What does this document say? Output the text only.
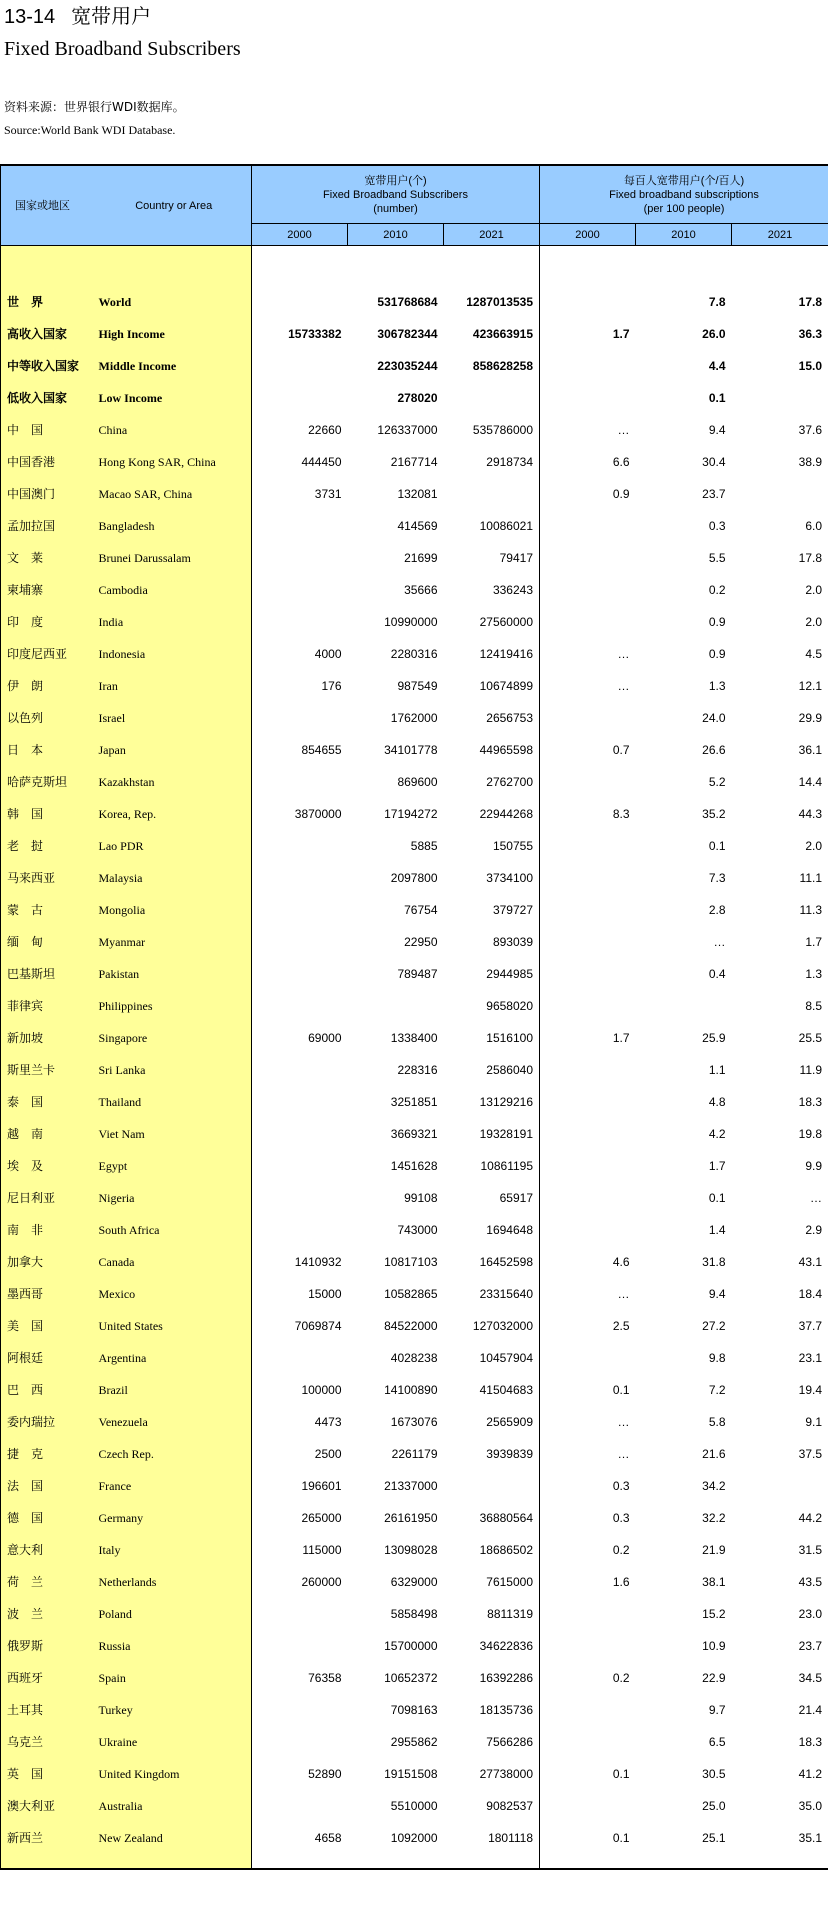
13-14 宽带用户
Fixed Broadband Subscribers
资料来源：世界银行WDI数据库。
Source:World Bank WDI Database.
国家或地区	Country or Area	宽带用户(个)
Fixed Broadband Subscribers
(number)			每百人宽带用户(个/百人)
Fixed broadband subscriptions
(per 100 people)		

		2000	2010	2021	2000	2010	2021

世　界	World		531768684	1287013535		7.8	17.8
高收入国家	High Income	15733382	306782344	423663915	1.7	26.0	36.3
中等收入国家	Middle Income		223035244	858628258		4.4	15.0
低收入国家	Low Income		278020			0.1	
中　国	China	22660	126337000	535786000	…	9.4	37.6
中国香港	Hong Kong SAR, China	444450	2167714	2918734	6.6	30.4	38.9
中国澳门	Macao SAR, China	3731	132081		0.9	23.7	
孟加拉国	Bangladesh		414569	10086021		0.3	6.0
文　莱	Brunei Darussalam		21699	79417		5.5	17.8
柬埔寨	Cambodia		35666	336243		0.2	2.0
印　度	India		10990000	27560000		0.9	2.0
印度尼西亚	Indonesia	4000	2280316	12419416	…	0.9	4.5
伊　朗	Iran	176	987549	10674899	…	1.3	12.1
以色列	Israel		1762000	2656753		24.0	29.9
日　本	Japan	854655	34101778	44965598	0.7	26.6	36.1
哈萨克斯坦	Kazakhstan		869600	2762700		5.2	14.4
韩　国	Korea, Rep.	3870000	17194272	22944268	8.3	35.2	44.3
老　挝	Lao PDR		5885	150755		0.1	2.0
马来西亚	Malaysia		2097800	3734100		7.3	11.1
蒙　古	Mongolia		76754	379727		2.8	11.3
缅　甸	Myanmar		22950	893039		…	1.7
巴基斯坦	Pakistan		789487	2944985		0.4	1.3
菲律宾	Philippines			9658020			8.5
新加坡	Singapore	69000	1338400	1516100	1.7	25.9	25.5
斯里兰卡	Sri Lanka		228316	2586040		1.1	11.9
泰　国	Thailand		3251851	13129216		4.8	18.3
越　南	Viet Nam		3669321	19328191		4.2	19.8
埃　及	Egypt		1451628	10861195		1.7	9.9
尼日利亚	Nigeria		99108	65917		0.1	…
南　非	South Africa		743000	1694648		1.4	2.9
加拿大	Canada	1410932	10817103	16452598	4.6	31.8	43.1
墨西哥	Mexico	15000	10582865	23315640	…	9.4	18.4
美　国	United States	7069874	84522000	127032000	2.5	27.2	37.7
阿根廷	Argentina		4028238	10457904		9.8	23.1
巴　西	Brazil	100000	14100890	41504683	0.1	7.2	19.4
委内瑞拉	Venezuela	4473	1673076	2565909	…	5.8	9.1
捷　克	Czech Rep.	2500	2261179	3939839	…	21.6	37.5
法　国	France	196601	21337000		0.3	34.2	
德　国	Germany	265000	26161950	36880564	0.3	32.2	44.2
意大利	Italy	115000	13098028	18686502	0.2	21.9	31.5
荷　兰	Netherlands	260000	6329000	7615000	1.6	38.1	43.5
波　兰	Poland		5858498	8811319		15.2	23.0
俄罗斯	Russia		15700000	34622836		10.9	23.7
西班牙	Spain	76358	10652372	16392286	0.2	22.9	34.5
土耳其	Turkey		7098163	18135736		9.7	21.4
乌克兰	Ukraine		2955862	7566286		6.5	18.3
英　国	United Kingdom	52890	19151508	27738000	0.1	30.5	41.2
澳大利亚	Australia		5510000	9082537		25.0	35.0
新西兰	New Zealand	4658	1092000	1801118	0.1	25.1	35.1
